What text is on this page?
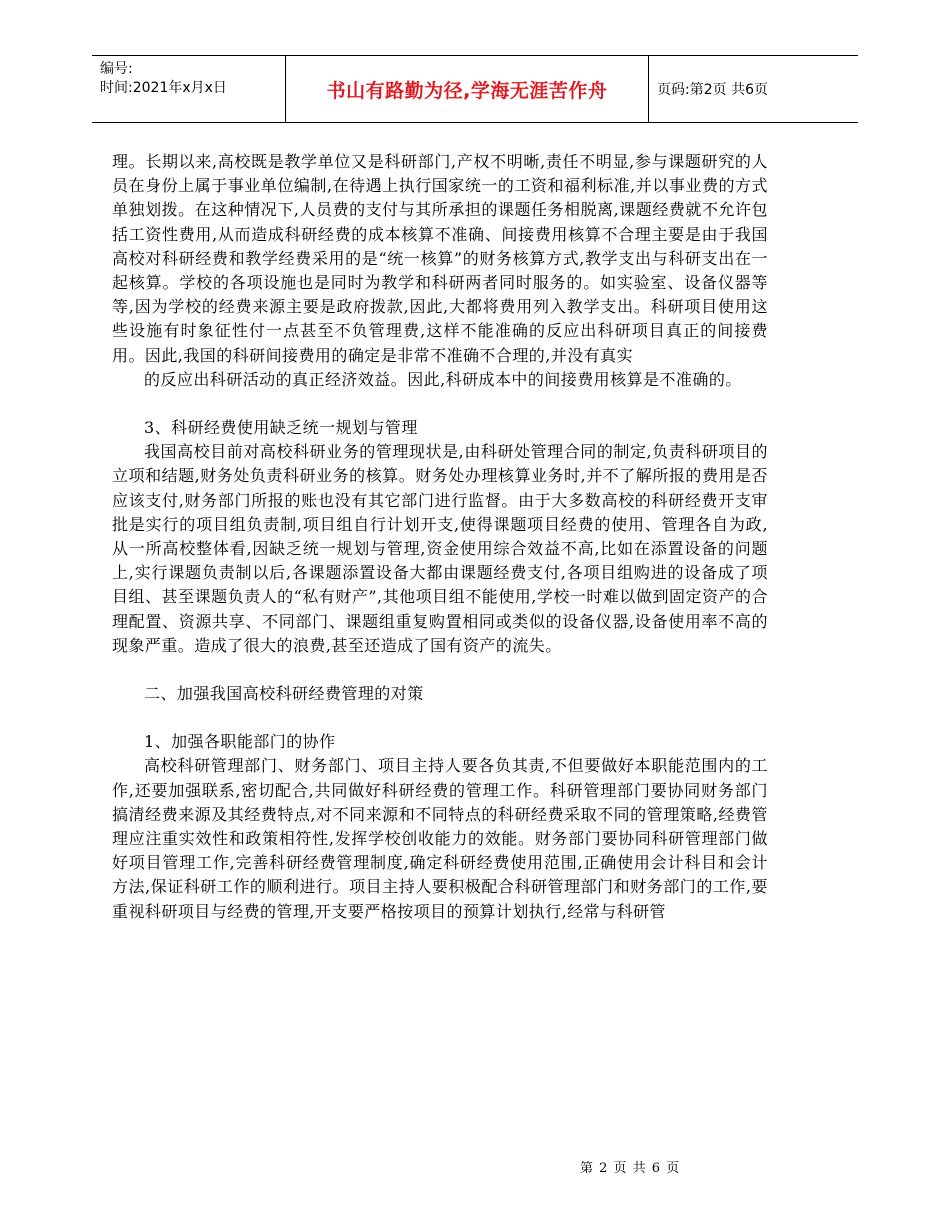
编号:
时间:2021年x月x日	书山有路勤为径,学海无涯苦作舟	页码:第2页 共6页

理。长期以来,高校既是教学单位又是科研部门,产权不明晰,责任不明显,参与课题研究的人员在身份上属于事业单位编制,在待遇上执行国家统一的工资和福利标准,并以事业费的方式单独划拨。在这种情况下,人员费的支付与其所承担的课题任务相脱离,课题经费就不允许包括工资性费用,从而造成科研经费的成本核算不准确、间接费用核算不合理主要是由于我国高校对科研经费和教学经费采用的是“统一核算”的财务核算方式,教学支出与科研支出在一起核算。学校的各项设施也是同时为教学和科研两者同时服务的。如实验室、设备仪器等等,因为学校的经费来源主要是政府拨款,因此,大都将费用列入教学支出。科研项目使用这些设施有时象征性付一点甚至不负管理费,这样不能准确的反应出科研项目真正的间接费用。因此,我国的科研间接费用的确定是非常不准确不合理的,并没有真实

的反应出科研活动的真正经济效益。因此,科研成本中的间接费用核算是不准确的。

3、科研经费使用缺乏统一规划与管理

我国高校目前对高校科研业务的管理现状是,由科研处管理合同的制定,负责科研项目的立项和结题,财务处负责科研业务的核算。财务处办理核算业务时,并不了解所报的费用是否应该支付,财务部门所报的账也没有其它部门进行监督。由于大多数高校的科研经费开支审批是实行的项目组负责制,项目组自行计划开支,使得课题项目经费的使用、管理各自为政,从一所高校整体看,因缺乏统一规划与管理,资金使用综合效益不高,比如在添置设备的问题上,实行课题负责制以后,各课题添置设备大都由课题经费支付,各项目组购进的设备成了项目组、甚至课题负责人的“私有财产”,其他项目组不能使用,学校一时难以做到固定资产的合理配置、资源共享、不同部门、课题组重复购置相同或类似的设备仪器,设备使用率不高的现象严重。造成了很大的浪费,甚至还造成了国有资产的流失。

二、加强我国高校科研经费管理的对策

1、加强各职能部门的协作

高校科研管理部门、财务部门、项目主持人要各负其责,不但要做好本职能范围内的工作,还要加强联系,密切配合,共同做好科研经费的管理工作。科研管理部门要协同财务部门搞清经费来源及其经费特点,对不同来源和不同特点的科研经费采取不同的管理策略,经费管理应注重实效性和政策相符性,发挥学校创收能力的效能。财务部门要协同科研管理部门做好项目管理工作,完善科研经费管理制度,确定科研经费使用范围,正确使用会计科目和会计方法,保证科研工作的顺利进行。项目主持人要积极配合科研管理部门和财务部门的工作,要重视科研项目与经费的管理,开支要严格按项目的预算计划执行,经常与科研管

第 2 页 共 6 页
